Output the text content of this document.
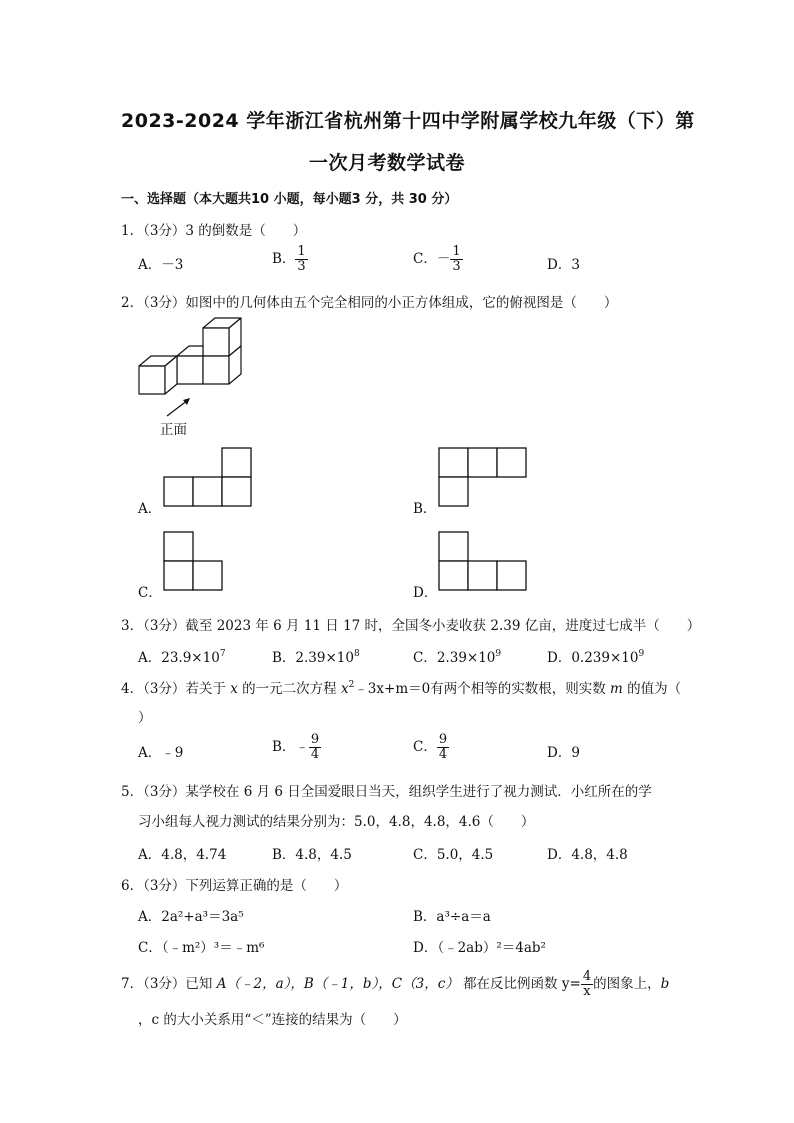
2023-2024 学年浙江省杭州第十四中学附属学校九年级（下）第
一次月考数学试卷
一、选择题（本大题共10 小题，每小题3 分，共 30 分）
1．（3分）3 的倒数是（　　）
A．－3	B． $\frac{1}{3}$	C．－ $\frac{1}{3}$	D．3
2．（3分）如图中的几何体由五个完全相同的小正方体组成，它的俯视图是（　　）
正面
A．	B．
C．	D．
3．（3分）截至 2023 年 6 月 11 日 17 时，全国冬小麦收获 2.39 亿亩，进度过七成半（　　）
A．$23.9\times 10^7$	B．$2.39\times 10^8$	C．$2.39\times 10^9$	D．$0.239\times 10^9$
4．（3分）若关于 x 的一元二次方程 $x^2﹣3x+m=0$有两个相等的实数根，则实数 m 的值为（
）
A．﹣9	B．﹣ $\frac{9}{4}$	C． $\frac{9}{4}$	D．9
5．（3分）某学校在 6 月 6 日全国爱眼日当天，组织学生进行了视力测试．小红所在的学
习小组每人视力测试的结果分别为：5.0，4.8，4.8，4.6（　　）
A．4.8，4.74	B．4.8，4.5	C．5.0，4.5	D．4.8，4.8
6．（3分）下列运算正确的是（　　）
A．2a²+a³＝3a⁵	B．a³÷a＝a
C．（﹣m²）³＝﹣m⁶	D．（﹣2ab）²＝4ab²
7．（3分）已知 A（﹣2，a），B（﹣1，b），C（3，c） 都在反比例函数 $y= \frac{4}{x}$ 的图象上，b
，c 的大小关系用“＜”连接的结果为（　　）
